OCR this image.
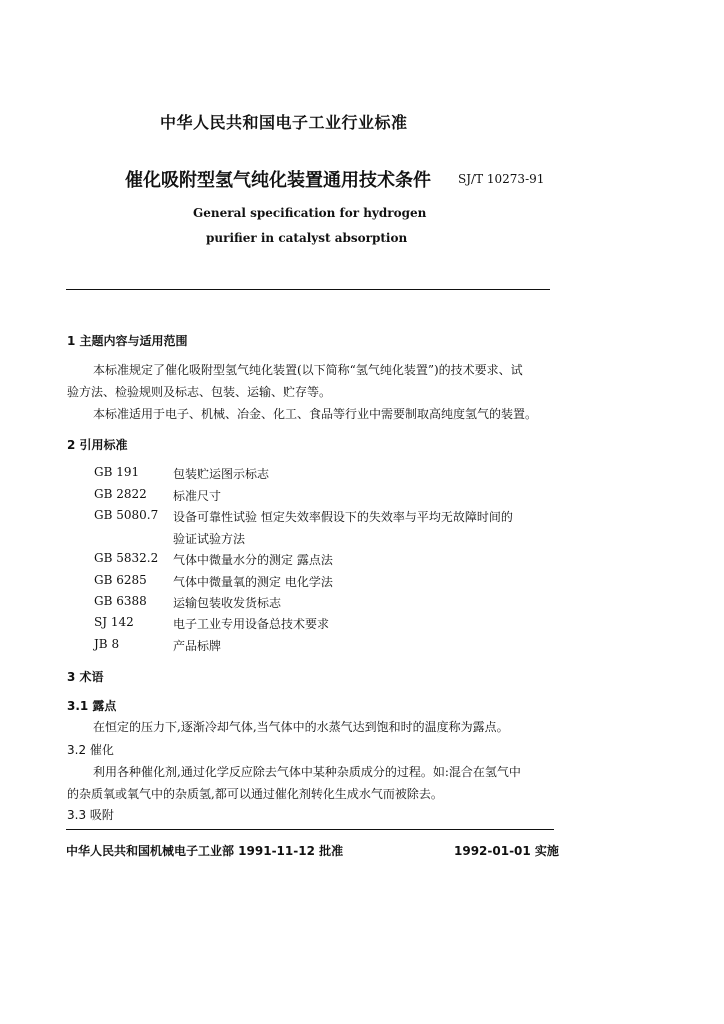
中华人民共和国电子工业行业标准
催化吸附型氢气纯化装置通用技术条件 SJ/T 10273-91
General specification for hydrogen
purifier in catalyst absorption
1 主题内容与适用范围
本标准规定了催化吸附型氢气纯化装置(以下简称“氢气纯化装置”)的技术要求、试
验方法、检验规则及标志、包装、运输、贮存等。
本标准适用于电子、机械、冶金、化工、食品等行业中需要制取高纯度氢气的装置。
2 引用标准
GB 191	包装贮运图示标志
GB 2822 标准尺寸
GB 5080.7 设备可靠性试验 恒定失效率假设下的失效率与平均无故障时间的
验证试验方法
GB 5832.2 气体中微量水分的测定 露点法
GB 6285 气体中微量氧的测定 电化学法
GB 6388 运输包装收发货标志
SJ 142	电子工业专用设备总技术要求
JB 8	产品标牌
3 术语
3.1 露点
在恒定的压力下,逐渐冷却气体,当气体中的水蒸气达到饱和时的温度称为露点。
3.2 催化
利用各种催化剂,通过化学反应除去气体中某种杂质成分的过程。如:混合在氢气中
的杂质氧或氧气中的杂质氢,都可以通过催化剂转化生成水气而被除去。
3.3 吸附
中华人民共和国机械电子工业部 1991-11-12 批准	1992-01-01 实施
